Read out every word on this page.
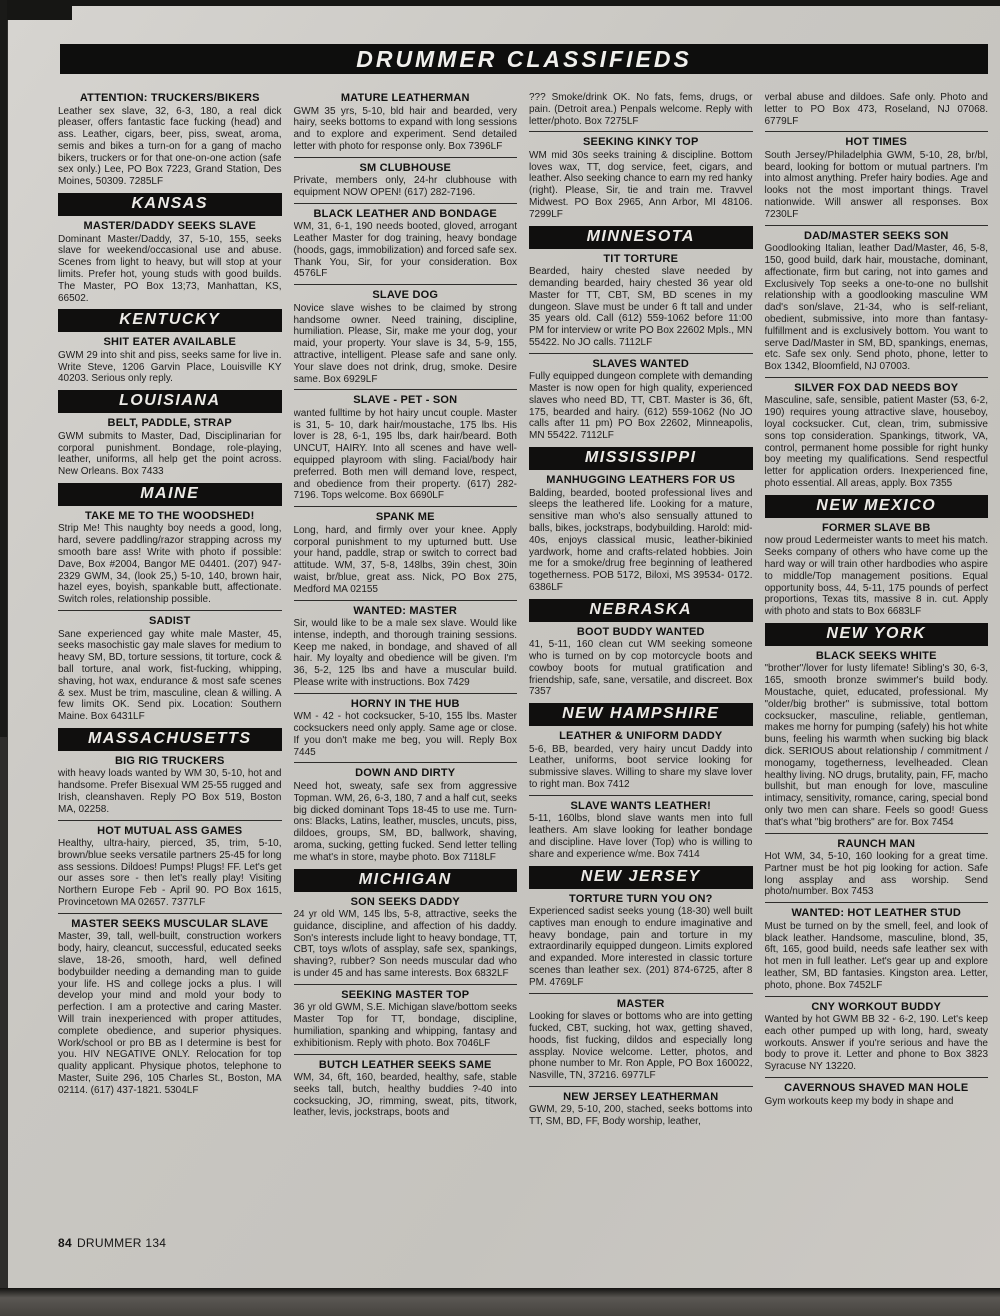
DRUMMER CLASSIFIEDS
ATTENTION: TRUCKERS/BIKERS
Leather sex slave, 32, 6-3, 180, a real dick pleaser, offers fantastic face fucking (head) and ass. Leather, cigars, beer, piss, sweat, aroma, semis and bikes a turn-on for a gang of macho bikers, truckers or for that one-on-one action (safe sex only.) Lee, PO Box 7223, Grand Station, Des Moines, 50309. 7285LF
KANSAS
MASTER/DADDY SEEKS SLAVE
Dominant Master/Daddy, 37, 5-10, 155, seeks slave for weekend/occasional use and abuse. Scenes from light to heavy, but will stop at your limits. Prefer hot, young studs with good builds. The Master, PO Box 13;73, Manhattan, KS, 66502.
KENTUCKY
SHIT EATER AVAILABLE
GWM 29 into shit and piss, seeks same for live in. Write Steve, 1206 Garvin Place, Louisville KY 40203. Serious only reply.
LOUISIANA
BELT, PADDLE, STRAP
GWM submits to Master, Dad, Disciplinarian for corporal punishment. Bondage, role-playing, leather, uniforms, all help get the point across. New Orleans. Box 7433
MAINE
TAKE ME TO THE WOODSHED!
Strip Me! This naughty boy needs a good, long, hard, severe paddling/razor strapping across my smooth bare ass! Write with photo if possible: Dave, Box #2004, Bangor ME 04401. (207) 947- 2329 GWM, 34, (look 25,) 5-10, 140, brown hair, hazel eyes, boyish, spankable butt, affectionate. Switch roles, relationship possible.
SADIST
Sane experienced gay white male Master, 45, seeks masochistic gay male slaves for medium to heavy SM, BD, torture sessions, tit torture, cock & ball torture, anal work, fist-fucking, whipping, shaving, hot wax, endurance & most safe scenes & sex. Must be trim, masculine, clean & willing. A few limits OK. Send pix. Location: Southern Maine. Box 6431LF
MASSACHUSETTS
BIG RIG TRUCKERS
with heavy loads wanted by WM 30, 5-10, hot and handsome. Prefer Bisexual WM 25-55 rugged and Irish, cleanshaven. Reply PO Box 519, Boston MA, 02258.
HOT MUTUAL ASS GAMES
Healthy, ultra-hairy, pierced, 35, trim, 5-10, brown/blue seeks versatile partners 25-45 for long ass sessions. Dildoes! Pumps! Plugs! FF. Let's get our asses sore - then let's really play! Visiting Northern Europe Feb - April 90. PO Box 1615, Provincetown MA 02657. 7377LF
MASTER SEEKS MUSCULAR SLAVE
Master, 39, tall, well-built, construction workers body, hairy, cleancut, successful, educated seeks slave, 18-26, smooth, hard, well defined bodybuilder needing a demanding man to guide your life. HS and college jocks a plus. I will develop your mind and mold your body to perfection. I am a protective and caring Master. Will train inexperienced with proper attitudes, complete obedience, and superior physiques. Work/school or pro BB as I determine is best for you. HIV NEGATIVE ONLY. Relocation for top quality applicant. Physique photos, telephone to Master, Suite 296, 105 Charles St., Boston, MA 02114. (617) 437-1821. 5304LF
MATURE LEATHERMAN
GWM 35 yrs, 5-10, bld hair and bearded, very hairy, seeks bottoms to expand with long sessions and to explore and experiment. Send detailed letter with photo for response only. Box 7396LF
SM CLUBHOUSE
Private, members only, 24-hr clubhouse with equipment NOW OPEN! (617) 282-7196.
BLACK LEATHER AND BONDAGE
WM, 31, 6-1, 190 needs booted, gloved, arrogant Leather Master for dog training, heavy bondage (hoods, gags, immobilization) and forced safe sex. Thank You, Sir, for your consideration. Box 4576LF
SLAVE DOG
Novice slave wishes to be claimed by strong handsome owner. Need training, discipline, humiliation. Please, Sir, make me your dog, your maid, your property. Your slave is 34, 5-9, 155, attractive, intelligent. Please safe and sane only. Your slave does not drink, drug, smoke. Desire same. Box 6929LF
SLAVE - PET - SON
wanted fulltime by hot hairy uncut couple. Master is 31, 5- 10, dark hair/moustache, 175 lbs. His lover is 28, 6-1, 195 lbs, dark hair/beard. Both UNCUT, HAIRY. Into all scenes and have well- equipped playroom with sling. Facial/body hair preferred. Both men will demand love, respect, and obedience from their property. (617) 282-7196. Tops welcome. Box 6690LF
SPANK ME
Long, hard, and firmly over your knee. Apply corporal punishment to my upturned butt. Use your hand, paddle, strap or switch to correct bad attitude. WM, 37, 5-8, 148lbs, 39in chest, 30in waist, br/blue, great ass. Nick, PO Box 275, Medford MA 02155
WANTED: MASTER
Sir, would like to be a male sex slave. Would like intense, indepth, and thorough training sessions. Keep me naked, in bondage, and shaved of all hair. My loyalty and obedience will be given. I'm 36, 5-2, 125 lbs and have a muscular build. Please write with instructions. Box 7429
HORNY IN THE HUB
WM - 42 - hot cocksucker, 5-10, 155 lbs. Master cocksuckers need only apply. Same age or close. If you don't make me beg, you will. Reply Box 7445
DOWN AND DIRTY
Need hot, sweaty, safe sex from aggressive Topman. WM, 26, 6-3, 180, 7 and a half cut, seeks big dicked dominant Tops 18-45 to use me. Turn-ons: Blacks, Latins, leather, muscles, uncuts, piss, dildoes, groups, SM, BD, ballwork, shaving, aroma, sucking, getting fucked. Send letter telling me what's in store, maybe photo. Box 7118LF
MICHIGAN
SON SEEKS DADDY
24 yr old WM, 145 lbs, 5-8, attractive, seeks the guidance, discipline, and affection of his daddy. Son's interests include light to heavy bondage, TT, CBT, toys w/lots of assplay, safe sex, spankings, shaving?, rubber? Son needs muscular dad who is under 45 and has same interests. Box 6832LF
SEEKING MASTER TOP
36 yr old GWM, S.E. Michigan slave/bottom seeks Master Top for TT, bondage, discipline, humiliation, spanking and whipping, fantasy and exhibitionism. Reply with photo. Box 7046LF
BUTCH LEATHER SEEKS SAME
WM, 34, 6ft, 160, bearded, healthy, safe, stable seeks tall, butch, healthy buddies ?-40 into cocksucking, JO, rimming, sweat, pits, titwork, leather, levis, jockstraps, boots and
??? Smoke/drink OK. No fats, fems, drugs, or pain. (Detroit area.) Penpals welcome. Reply with letter/photo. Box 7275LF
SEEKING KINKY TOP
WM mid 30s seeks training & discipline. Bottom loves wax, TT, dog service, feet, cigars, and leather. Also seeking chance to earn my red hanky (right). Please, Sir, tie and train me. Travvel Midwest. PO Box 2965, Ann Arbor, MI 48106. 7299LF
MINNESOTA
TIT TORTURE
Bearded, hairy chested slave needed by demanding bearded, hairy chested 36 year old Master for TT, CBT, SM, BD scenes in my dungeon. Slave must be under 6 ft tall and under 35 years old. Call (612) 559-1062 before 11:00 PM for interview or write PO Box 22602 Mpls., MN 55422. No JO calls. 7112LF
SLAVES WANTED
Fully equipped dungeon complete with demanding Master is now open for high quality, experienced slaves who need BD, TT, CBT. Master is 36, 6ft, 175, bearded and hairy. (612) 559-1062 (No JO calls after 11 pm) PO Box 22602, Minneapolis, MN 55422. 7112LF
MISSISSIPPI
MANHUGGING LEATHERS FOR US
Balding, bearded, booted professional lives and sleeps the leathered life. Looking for a mature, sensitive man who's also sensually attuned to balls, bikes, jockstraps, bodybuilding. Harold: mid-40s, enjoys classical music, leather-bikinied yardwork, home and crafts-related hobbies. Join me for a smoke/drug free beginning of leathered togetherness. POB 5172, Biloxi, MS 39534- 0172. 6386LF
NEBRASKA
BOOT BUDDY WANTED
41, 5-11, 160 clean cut WM seeking someone who is turned on by cop motorcycle boots and cowboy boots for mutual gratification and friendship, safe, sane, versatile, and discreet. Box 7357
NEW HAMPSHIRE
LEATHER & UNIFORM DADDY
5-6, BB, bearded, very hairy uncut Daddy into Leather, uniforms, boot service looking for submissive slaves. Willing to share my slave lover to right man. Box 7412
SLAVE WANTS LEATHER!
5-11, 160lbs, blond slave wants men into full leathers. Am slave looking for leather bondage and discipline. Have lover (Top) who is willing to share and experience w/me. Box 7414
NEW JERSEY
TORTURE TURN YOU ON?
Experienced sadist seeks young (18-30) well built captives man enough to endure imaginative and heavy bondage, pain and torture in my extraordinarily equipped dungeon. Limits explored and expanded. More interested in classic torture scenes than leather sex. (201) 874-6725, after 8 PM. 4769LF
MASTER
Looking for slaves or bottoms who are into getting fucked, CBT, sucking, hot wax, getting shaved, hoods, fist fucking, dildos and especially long assplay. Novice welcome. Letter, photos, and phone number to Mr. Ron Apple, PO Box 160022, Nasville, TN, 37216. 6977LF
NEW JERSEY LEATHERMAN
GWM, 29, 5-10, 200, stached, seeks bottoms into TT, SM, BD, FF, Body worship, leather,
verbal abuse and dildoes. Safe only. Photo and letter to PO Box 473, Roseland, NJ 07068. 6779LF
HOT TIMES
South Jersey/Philadelphia GWM, 5-10, 28, br/bl, beard, looking for bottom or mutual partners. I'm into almost anything. Prefer hairy bodies. Age and looks not the most important things. Travel nationwide. Will answer all responses. Box 7230LF
DAD/MASTER SEEKS SON
Goodlooking Italian, leather Dad/Master, 46, 5-8, 150, good build, dark hair, moustache, dominant, affectionate, firm but caring, not into games and Exclusively Top seeks a one-to-one no bullshit relationship with a goodlooking masculine WM dad's son/slave, 21-34, who is self-reliant, obedient, submissive, into more than fantasy-fulfillment and is exclusively bottom. You want to serve Dad/Master in SM, BD, spankings, enemas, etc. Safe sex only. Send photo, phone, letter to Box 1342, Bloomfield, NJ 07003.
SILVER FOX DAD NEEDS BOY
Masculine, safe, sensible, patient Master (53, 6-2, 190) requires young attractive slave, houseboy, loyal cocksucker. Cut, clean, trim, submissive sons top consideration. Spankings, titwork, VA, control, permanent home possible for right hunky boy meeting my qualifications. Send respectful letter for application orders. Inexperienced fine, photo essential. All areas, apply. Box 7355
NEW MEXICO
FORMER SLAVE BB
now proud Ledermeister wants to meet his match. Seeks company of others who have come up the hard way or will train other hardbodies who aspire to middle/Top management positions. Equal opportunity boss, 44, 5-11, 175 pounds of perfect proportions, Texas tits, massive 8 in. cut. Apply with photo and stats to Box 6683LF
NEW YORK
BLACK SEEKS WHITE
"brother"/lover for lusty lifemate! Sibling's 30, 6-3, 165, smooth bronze swimmer's build body. Moustache, quiet, educated, professional. My "older/big brother" is submissive, total bottom cocksucker, masculine, reliable, gentleman, makes me horny for pumping (safely) his hot white buns, feeling his warmth when sucking big black dick. SERIOUS about relationship / commitment / monogamy, togetherness, levelheaded. Clean healthy living. NO drugs, brutality, pain, FF, macho bullshit, but man enough for love, masculine intimacy, sensitivity, romance, caring, special bond only two men can share. Feels so good! Guess that's what "big brothers" are for. Box 7454
RAUNCH MAN
Hot WM, 34, 5-10, 160 looking for a great time. Partner must be hot pig looking for action. Safe long assplay and ass worship. Send photo/number. Box 7453
WANTED: HOT LEATHER STUD
Must be turned on by the smell, feel, and look of black leather. Handsome, masculine, blond, 35, 6ft, 165, good build, needs safe leather sex with hot men in full leather. Let's gear up and explore leather, SM, BD fantasies. Kingston area. Letter, photo, phone. Box 7452LF
CNY WORKOUT BUDDY
Wanted by hot GWM BB 32 - 6-2, 190. Let's keep each other pumped up with long, hard, sweaty workouts. Answer if you're serious and have the body to prove it. Letter and phone to Box 3823 Syracuse NY 13220.
CAVERNOUS SHAVED MAN HOLE
Gym workouts keep my body in shape and
84 DRUMMER 134
